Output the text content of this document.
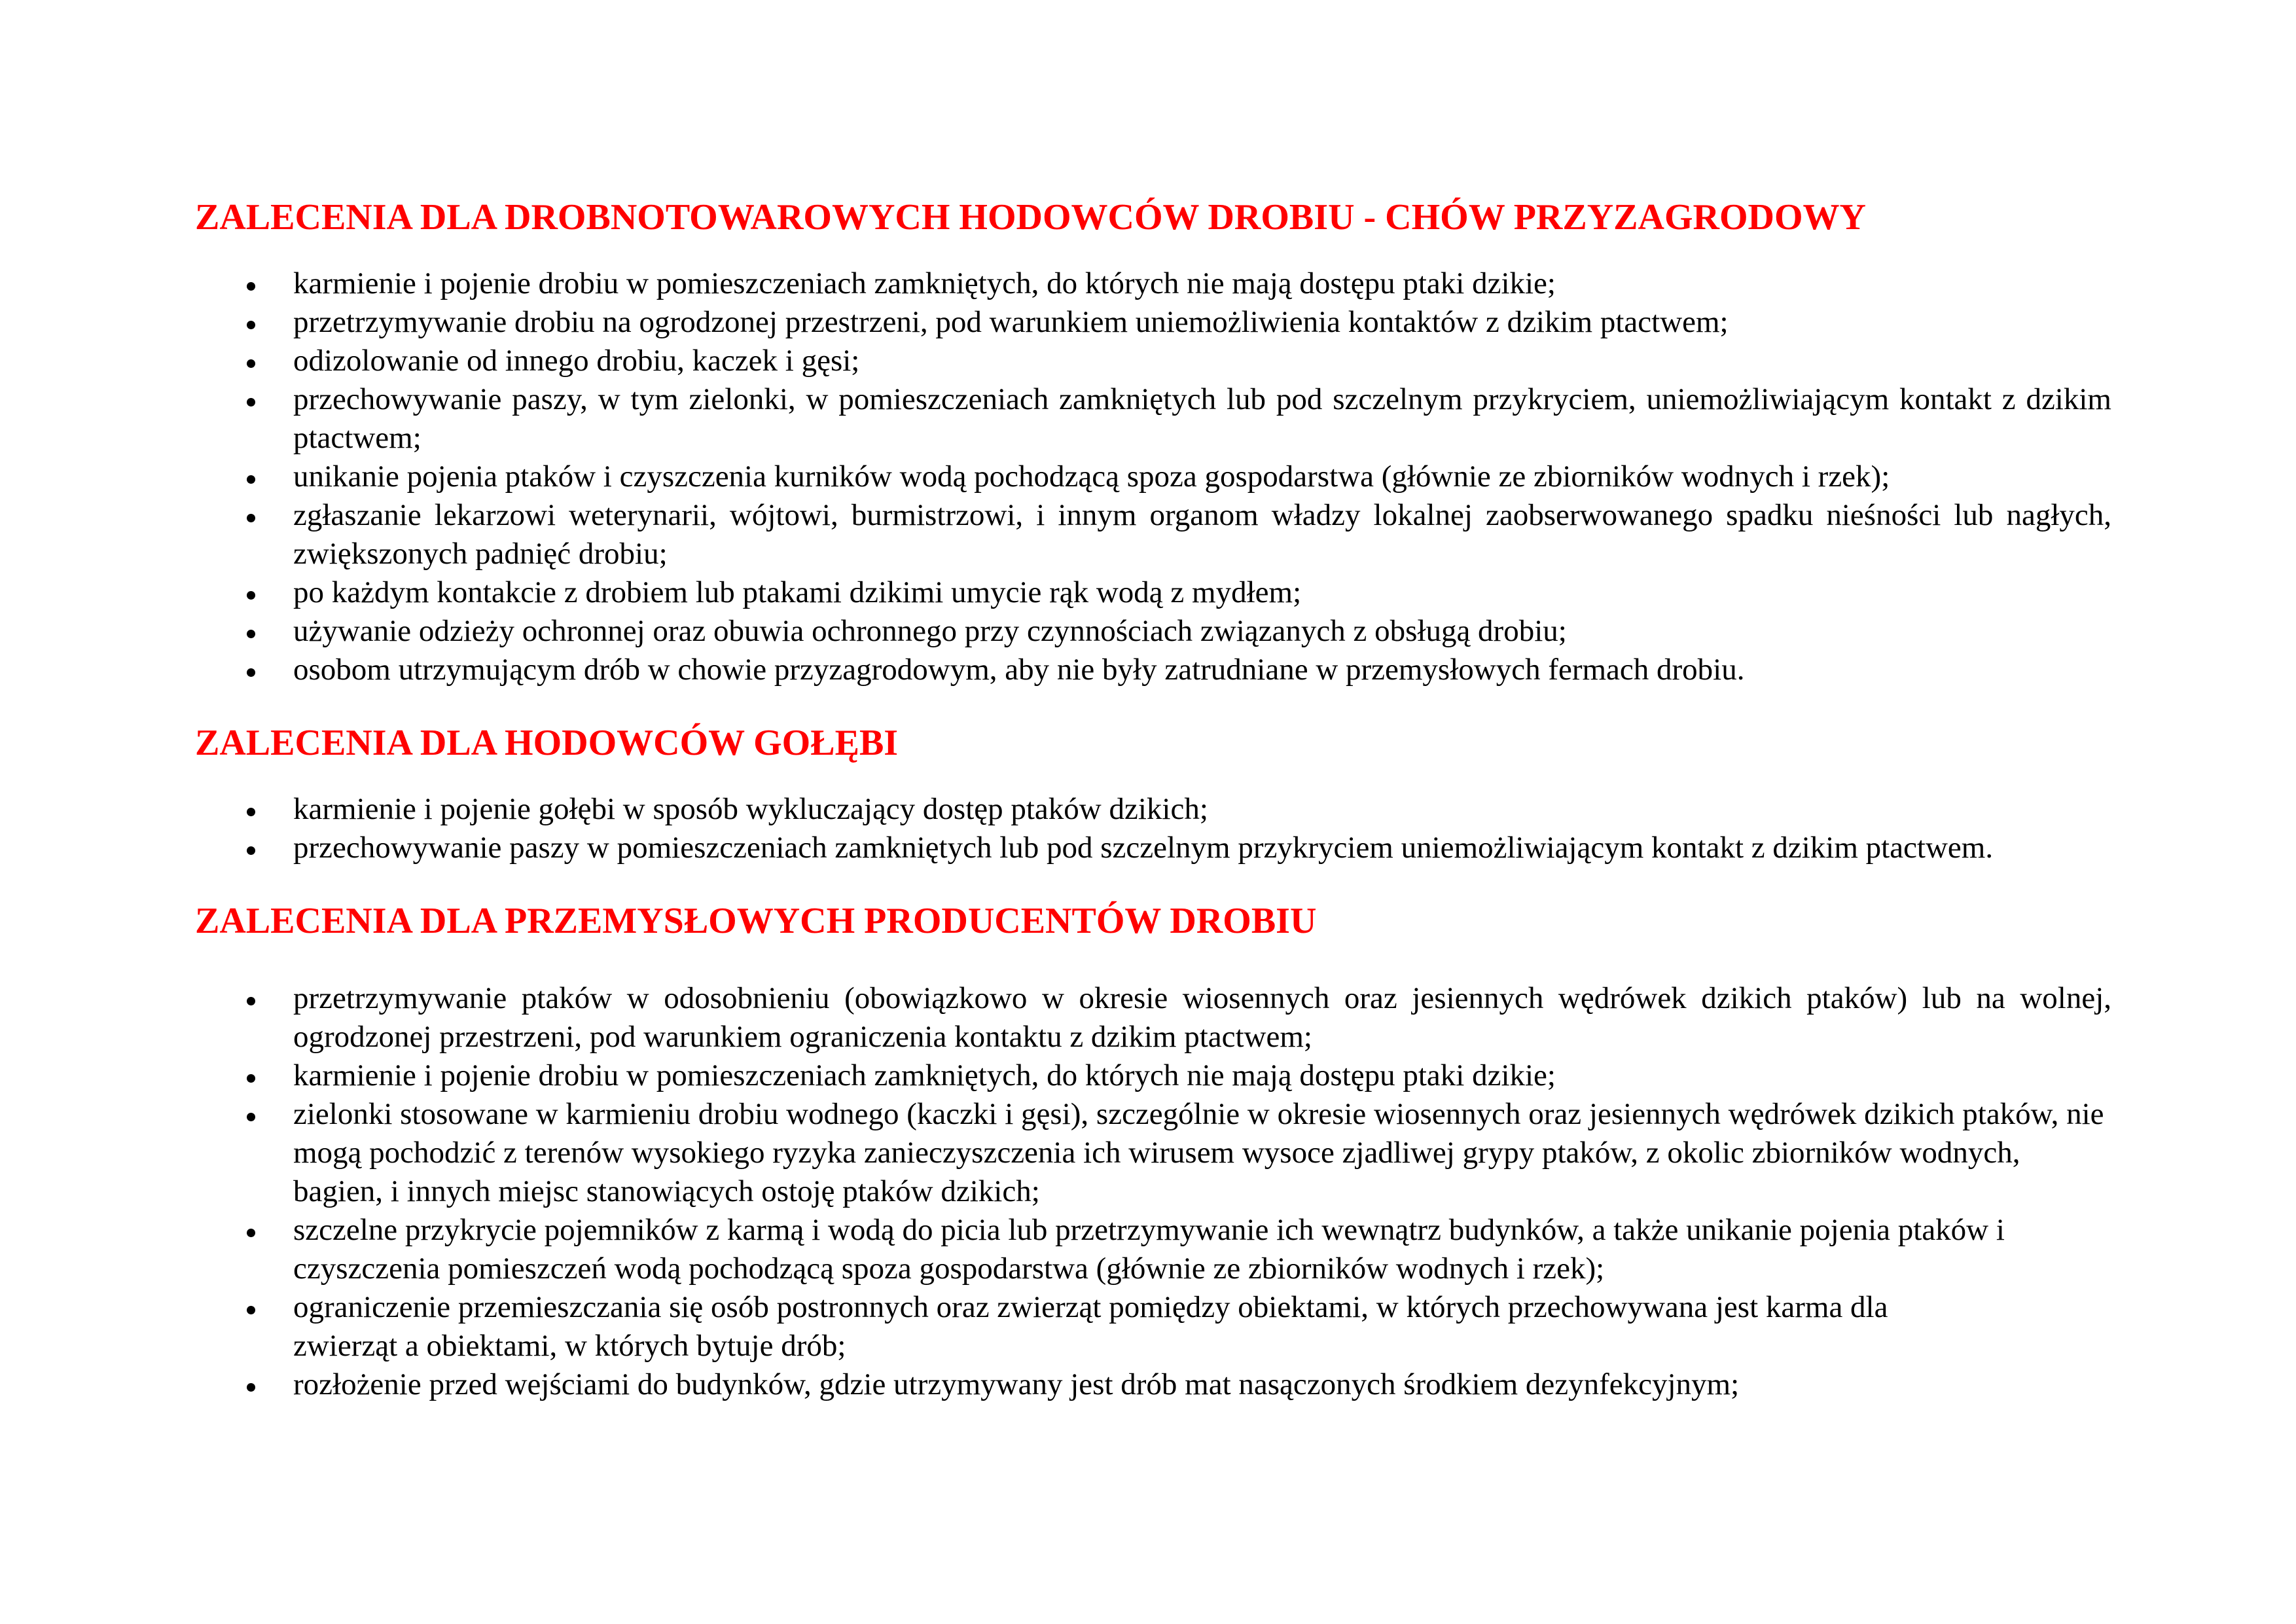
ZALECENIA DLA DROBNOTOWAROWYCH HODOWCÓW DROBIU - CHÓW PRZYZAGRODOWY
karmienie i pojenie drobiu w pomieszczeniach zamkniętych, do których nie mają dostępu ptaki dzikie;
przetrzymywanie drobiu na ogrodzonej przestrzeni, pod warunkiem uniemożliwienia kontaktów z dzikim ptactwem;
odizolowanie od innego drobiu, kaczek i gęsi;
przechowywanie paszy, w tym zielonki, w pomieszczeniach zamkniętych lub pod szczelnym przykryciem, uniemożliwiającym kontakt z dzikim ptactwem;
unikanie pojenia ptaków i czyszczenia kurników wodą pochodzącą spoza gospodarstwa (głównie ze zbiorników wodnych i rzek);
zgłaszanie lekarzowi weterynarii, wójtowi, burmistrzowi, i innym organom władzy lokalnej zaobserwowanego spadku nieśności lub nagłych, zwiększonych padnięć drobiu;
po każdym kontakcie z drobiem lub ptakami dzikimi umycie rąk wodą z mydłem;
używanie odzieży ochronnej oraz obuwia ochronnego przy czynnościach związanych z obsługą drobiu;
osobom utrzymującym drób w chowie przyzagrodowym, aby nie były zatrudniane w przemysłowych fermach drobiu.
ZALECENIA DLA HODOWCÓW GOŁĘBI
karmienie i pojenie gołębi w sposób wykluczający dostęp ptaków dzikich;
przechowywanie paszy w pomieszczeniach zamkniętych lub pod szczelnym przykryciem uniemożliwiającym kontakt z dzikim ptactwem.
ZALECENIA DLA PRZEMYSŁOWYCH PRODUCENTÓW DROBIU
przetrzymywanie ptaków w odosobnieniu (obowiązkowo w okresie wiosennych oraz jesiennych wędrówek dzikich ptaków) lub na wolnej, ogrodzonej przestrzeni, pod warunkiem ograniczenia kontaktu z dzikim ptactwem;
karmienie i pojenie drobiu w pomieszczeniach zamkniętych, do których nie mają dostępu ptaki dzikie;
zielonki stosowane w karmieniu drobiu wodnego (kaczki i gęsi), szczególnie w okresie wiosennych oraz jesiennych wędrówek dzikich ptaków, nie mogą pochodzić z terenów wysokiego ryzyka zanieczyszczenia ich wirusem wysoce zjadliwej grypy ptaków, z okolic zbiorników wodnych, bagien, i innych miejsc stanowiących ostoję ptaków dzikich;
szczelne przykrycie pojemników z karmą i wodą do picia lub przetrzymywanie ich wewnątrz budynków, a także unikanie pojenia ptaków i czyszczenia pomieszczeń wodą pochodzącą spoza gospodarstwa (głównie ze zbiorników wodnych i rzek);
ograniczenie przemieszczania się osób postronnych oraz zwierząt pomiędzy obiektami, w których przechowywana jest karma dla zwierząt a obiektami, w których bytuje drób;
rozłożenie przed wejściami do budynków, gdzie utrzymywany jest drób mat nasączonych środkiem dezynfekcyjnym;
